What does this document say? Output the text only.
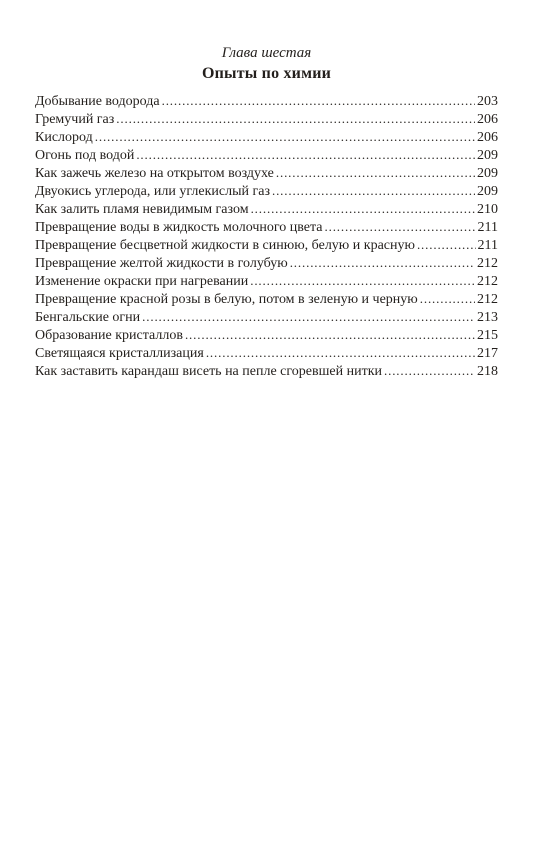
Глава шестая

Опыты по химии
Добывание водорода . . .	203
Гремучий газ . . .	206
Кислород . . .	206
Огонь под водой . . .	209
Как зажечь железо на открытом воздухе . . .	209
Двуокись углерода, или углекислый газ . . .	209
Как залить пламя невидимым газом . . .	210
Превращение воды в жидкость молочного цвета . . .	211
Превращение бесцветной жидкости в синюю, белую и красную . . .	211
Превращение желтой жидкости в голубую . . .	212
Изменение окраски при нагревании . . .	212
Превращение красной розы в белую, потом в зеленую и черную . . .	212
Бенгальские огни . . .	213
Образование кристаллов . . .	215
Светящаяся кристаллизация . . .	217
Как заставить карандаш висеть на пепле сгоревшей нитки . . .	218
